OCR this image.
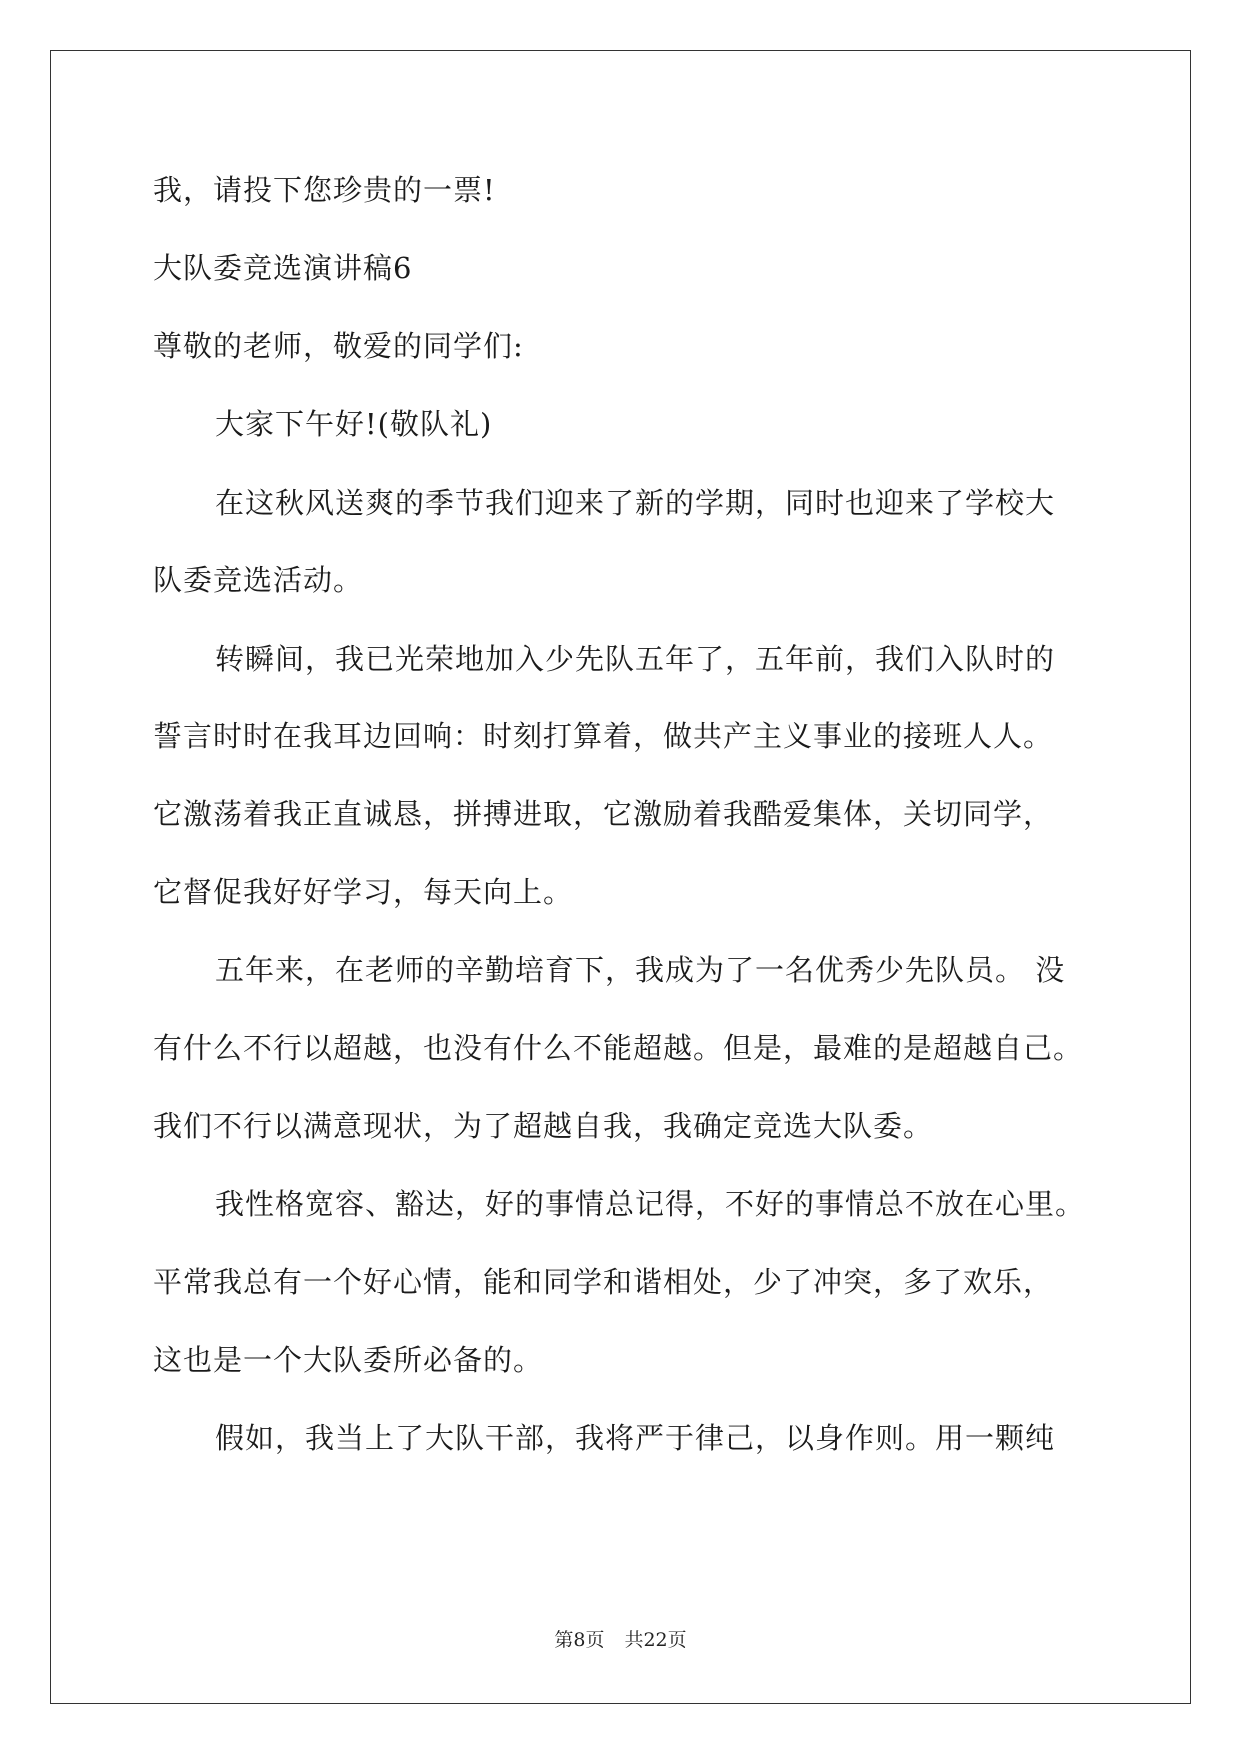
我，请投下您珍贵的一票!
大队委竞选演讲稿6
尊敬的老师，敬爱的同学们:
大家下午好!(敬队礼)
在这秋风送爽的季节我们迎来了新的学期，同时也迎来了学校大
队委竞选活动。
转瞬间，我已光荣地加入少先队五年了，五年前，我们入队时的
誓言时时在我耳边回响：时刻打算着，做共产主义事业的接班人人。
它激荡着我正直诚恳，拼搏进取，它激励着我酷爱集体，关切同学，
它督促我好好学习，每天向上。
五年来，在老师的辛勤培育下，我成为了一名优秀少先队员。 没
有什么不行以超越，也没有什么不能超越。但是，最难的是超越自己。
我们不行以满意现状，为了超越自我，我确定竞选大队委。
我性格宽容、豁达，好的事情总记得，不好的事情总不放在心里。
平常我总有一个好心情，能和同学和谐相处，少了冲突，多了欢乐，
这也是一个大队委所必备的。
假如，我当上了大队干部，我将严于律己，以身作则。用一颗纯
第8页 共22页
